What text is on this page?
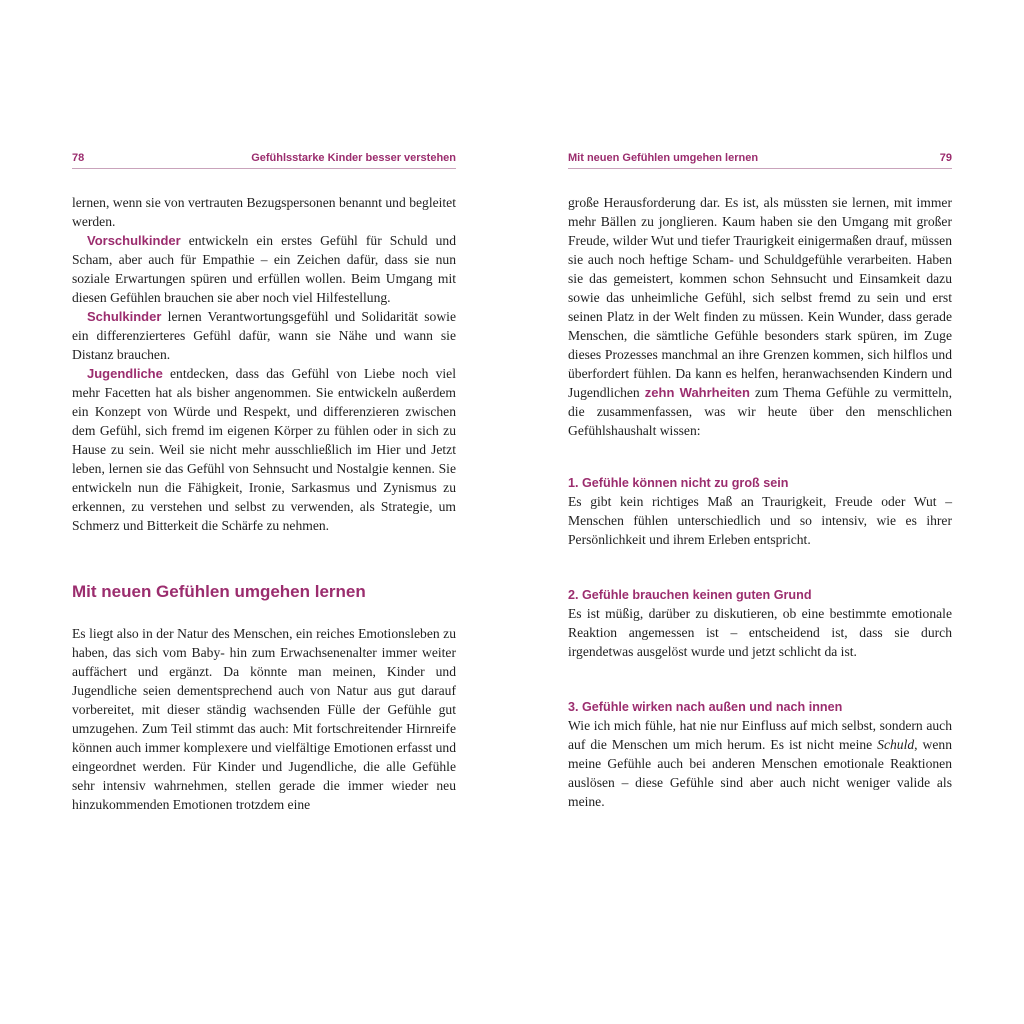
78	Gefühlsstarke Kinder besser verstehen

lernen, wenn sie von vertrauten Bezugspersonen benannt und begleitet werden.

Vorschulkinder entwickeln ein erstes Gefühl für Schuld und Scham, aber auch für Empathie – ein Zeichen dafür, dass sie nun soziale Erwartungen spüren und erfüllen wollen. Beim Umgang mit diesen Gefühlen brauchen sie aber noch viel Hilfestellung.

Schulkinder lernen Verantwortungsgefühl und Solidarität sowie ein differenzierteres Gefühl dafür, wann sie Nähe und wann sie Distanz brauchen.

Jugendliche entdecken, dass das Gefühl von Liebe noch viel mehr Facetten hat als bisher angenommen. Sie entwickeln außerdem ein Konzept von Würde und Respekt, und differenzieren zwischen dem Gefühl, sich fremd im eigenen Körper zu fühlen oder in sich zu Hause zu sein. Weil sie nicht mehr ausschließlich im Hier und Jetzt leben, lernen sie das Gefühl von Sehnsucht und Nostalgie kennen. Sie entwickeln nun die Fähigkeit, Ironie, Sarkasmus und Zynismus zu erkennen, zu verstehen und selbst zu verwenden, als Strategie, um Schmerz und Bitterkeit die Schärfe zu nehmen.

Mit neuen Gefühlen umgehen lernen

Es liegt also in der Natur des Menschen, ein reiches Emotionsleben zu haben, das sich vom Baby- hin zum Erwachsenenalter immer weiter auffächert und ergänzt. Da könnte man meinen, Kinder und Jugendliche seien dementsprechend auch von Natur aus gut darauf vorbereitet, mit dieser ständig wachsenden Fülle der Gefühle gut umzugehen. Zum Teil stimmt das auch: Mit fortschreitender Hirnreife können auch immer komplexere und vielfältige Emotionen erfasst und eingeordnet werden. Für Kinder und Jugendliche, die alle Gefühle sehr intensiv wahrnehmen, stellen gerade die immer wieder neu hinzukommenden Emotionen trotzdem eine

Mit neuen Gefühlen umgehen lernen	79

große Herausforderung dar. Es ist, als müssten sie lernen, mit immer mehr Bällen zu jonglieren. Kaum haben sie den Umgang mit großer Freude, wilder Wut und tiefer Traurigkeit einigermaßen drauf, müssen sie auch noch heftige Scham- und Schuldgefühle verarbeiten. Haben sie das gemeistert, kommen schon Sehnsucht und Einsamkeit dazu sowie das unheimliche Gefühl, sich selbst fremd zu sein und erst seinen Platz in der Welt finden zu müssen. Kein Wunder, dass gerade Menschen, die sämtliche Gefühle besonders stark spüren, im Zuge dieses Prozesses manchmal an ihre Grenzen kommen, sich hilflos und überfordert fühlen. Da kann es helfen, heranwachsenden Kindern und Jugendlichen zehn Wahrheiten zum Thema Gefühle zu vermitteln, die zusammenfassen, was wir heute über den menschlichen Gefühlshaushalt wissen:

1. Gefühle können nicht zu groß sein

Es gibt kein richtiges Maß an Traurigkeit, Freude oder Wut – Menschen fühlen unterschiedlich und so intensiv, wie es ihrer Persönlichkeit und ihrem Erleben entspricht.

2. Gefühle brauchen keinen guten Grund

Es ist müßig, darüber zu diskutieren, ob eine bestimmte emotionale Reaktion angemessen ist – entscheidend ist, dass sie durch irgendetwas ausgelöst wurde und jetzt schlicht da ist.

3. Gefühle wirken nach außen und nach innen

Wie ich mich fühle, hat nie nur Einfluss auf mich selbst, sondern auch auf die Menschen um mich herum. Es ist nicht meine Schuld, wenn meine Gefühle auch bei anderen Menschen emotionale Reaktionen auslösen – diese Gefühle sind aber auch nicht weniger valide als meine.
